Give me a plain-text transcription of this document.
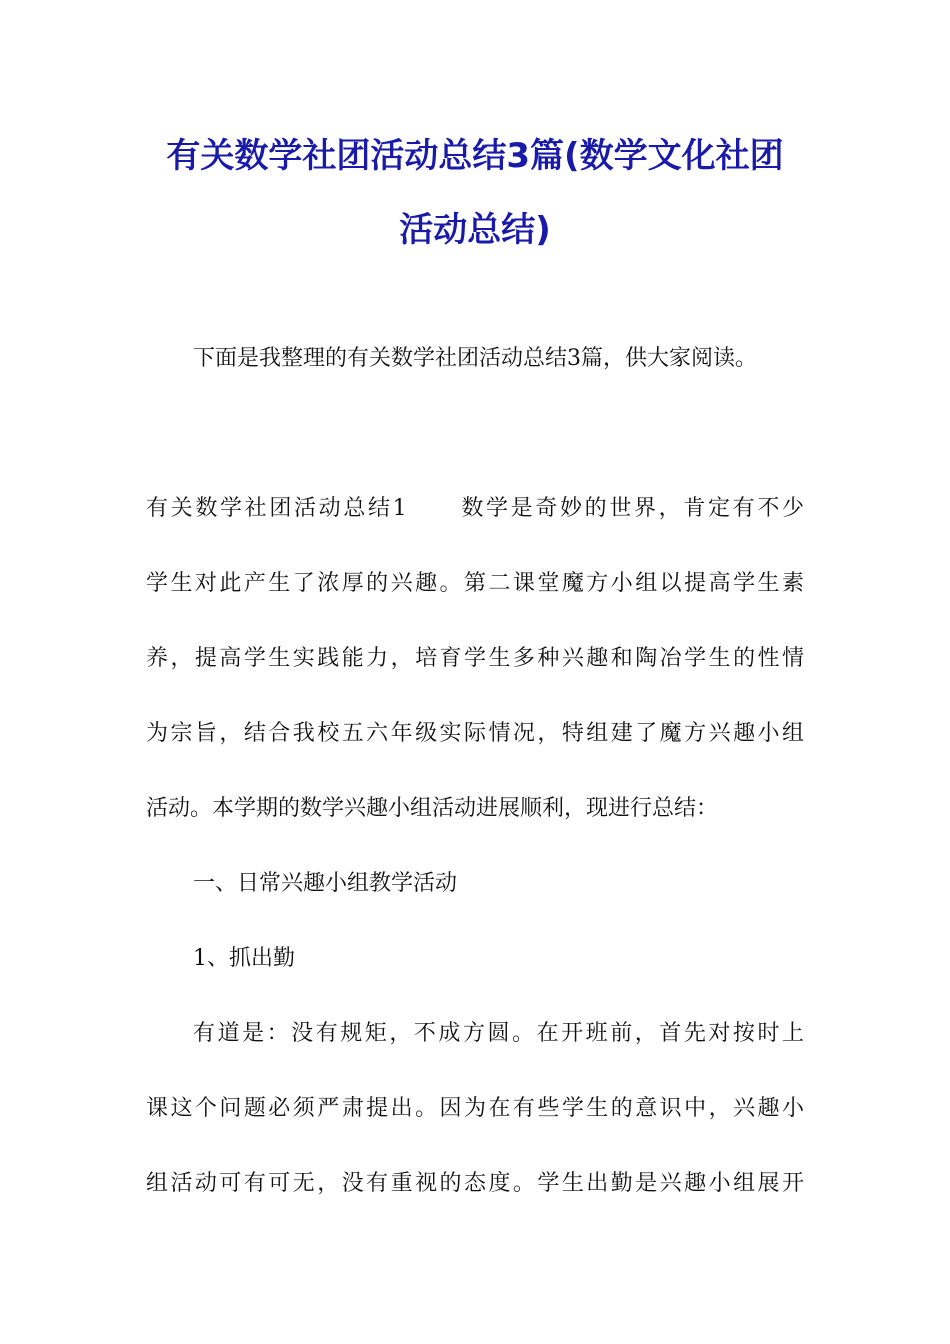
有关数学社团活动总结3篇(数学文化社团
活动总结)
下面是我整理的有关数学社团活动总结3篇，供大家阅读。
有关数学社团活动总结1 数学是奇妙的世界，肯定有不少
学生对此产生了浓厚的兴趣。第二课堂魔方小组以提高学生素
养，提高学生实践能力，培育学生多种兴趣和陶冶学生的性情
为宗旨，结合我校五六年级实际情况，特组建了魔方兴趣小组
活动。本学期的数学兴趣小组活动进展顺利，现进行总结：
一、日常兴趣小组教学活动
1、抓出勤
有道是：没有规矩，不成方圆。在开班前，首先对按时上
课这个问题必须严肃提出。因为在有些学生的意识中，兴趣小
组活动可有可无，没有重视的态度。学生出勤是兴趣小组展开
